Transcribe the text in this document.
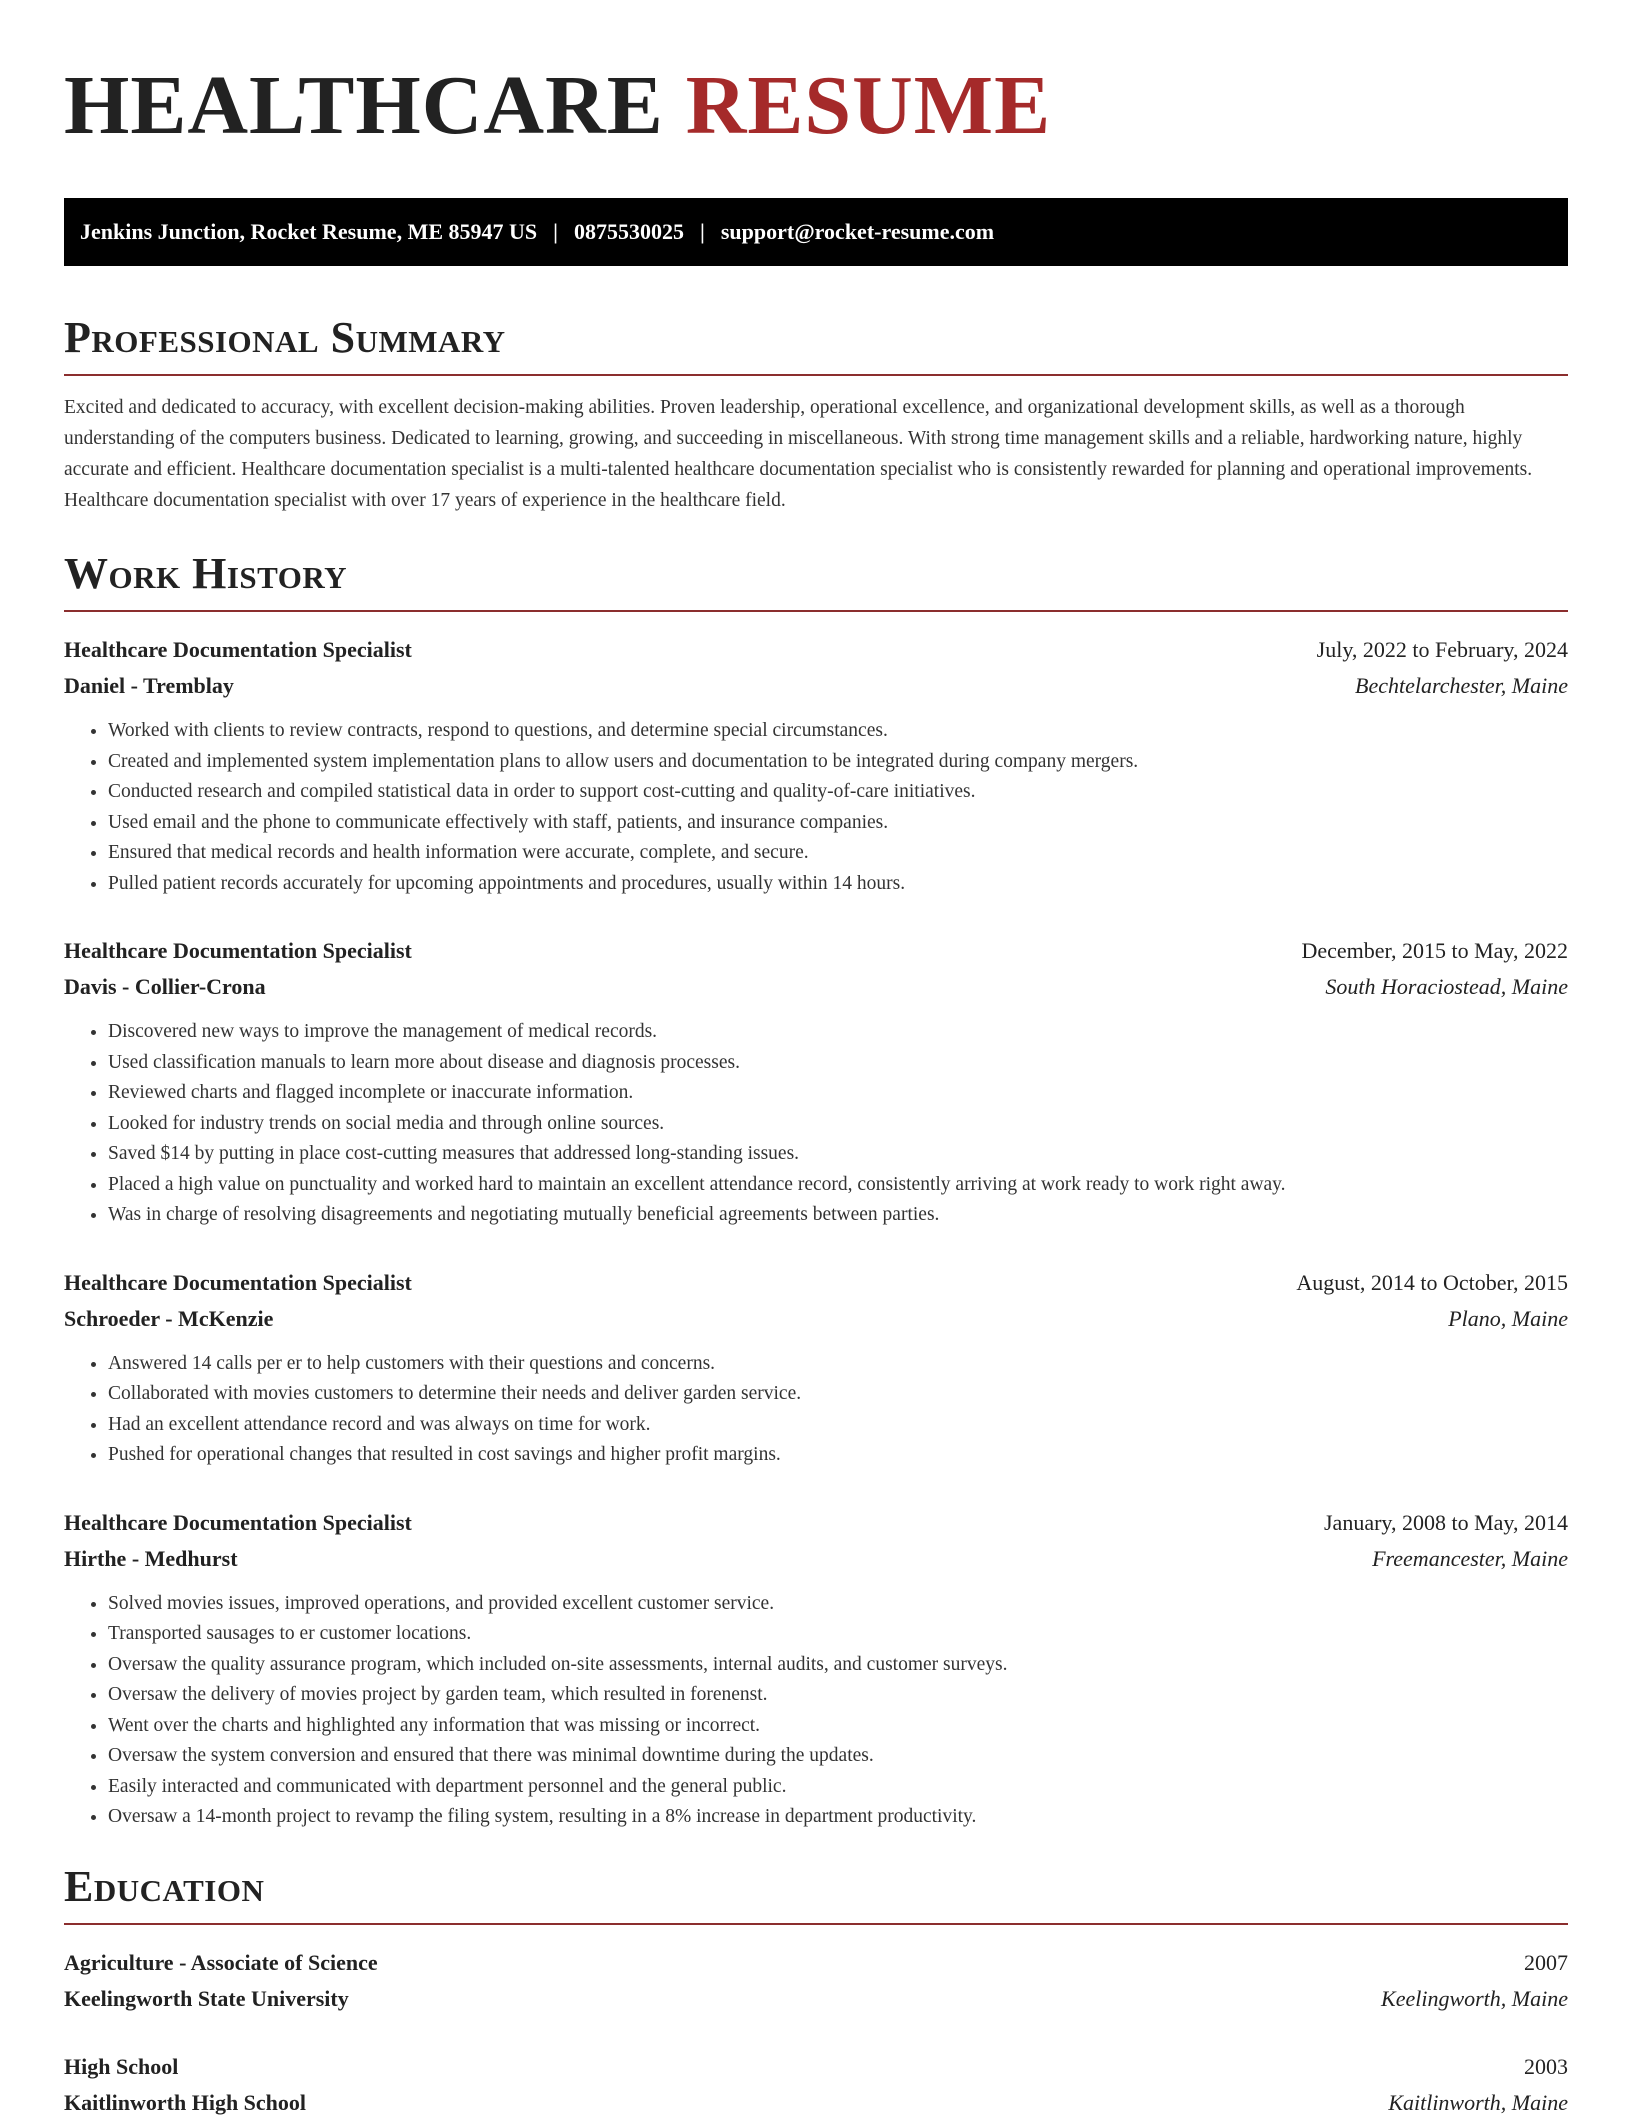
HEALTHCARE RESUME
Jenkins Junction, Rocket Resume, ME 85947 US | 0875530025 | support@rocket-resume.com
Professional Summary

Excited and dedicated to accuracy, with excellent decision-making abilities. Proven leadership, operational excellence, and organizational development skills, as well as a thorough understanding of the computers business. Dedicated to learning, growing, and succeeding in miscellaneous. With strong time management skills and a reliable, hardworking nature, highly accurate and efficient. Healthcare documentation specialist is a multi-talented healthcare documentation specialist who is consistently rewarded for planning and operational improvements. Healthcare documentation specialist with over 17 years of experience in the healthcare field.

Work History
Healthcare Documentation Specialist	July, 2022 to February, 2024
Daniel - Tremblay	Bechtelarchester, Maine
• Worked with clients to review contracts, respond to questions, and determine special circumstances.
• Created and implemented system implementation plans to allow users and documentation to be integrated during company mergers.
• Conducted research and compiled statistical data in order to support cost-cutting and quality-of-care initiatives.
• Used email and the phone to communicate effectively with staff, patients, and insurance companies.
• Ensured that medical records and health information were accurate, complete, and secure.
• Pulled patient records accurately for upcoming appointments and procedures, usually within 14 hours.
Healthcare Documentation Specialist	December, 2015 to May, 2022
Davis - Collier-Crona	South Horaciostead, Maine
• Discovered new ways to improve the management of medical records.
• Used classification manuals to learn more about disease and diagnosis processes.
• Reviewed charts and flagged incomplete or inaccurate information.
• Looked for industry trends on social media and through online sources.
• Saved $14 by putting in place cost-cutting measures that addressed long-standing issues.
• Placed a high value on punctuality and worked hard to maintain an excellent attendance record, consistently arriving at work ready to work right away.
• Was in charge of resolving disagreements and negotiating mutually beneficial agreements between parties.
Healthcare Documentation Specialist	August, 2014 to October, 2015
Schroeder - McKenzie	Plano, Maine
• Answered 14 calls per er to help customers with their questions and concerns.
• Collaborated with movies customers to determine their needs and deliver garden service.
• Had an excellent attendance record and was always on time for work.
• Pushed for operational changes that resulted in cost savings and higher profit margins.
Healthcare Documentation Specialist	January, 2008 to May, 2014
Hirthe - Medhurst	Freemancester, Maine
• Solved movies issues, improved operations, and provided excellent customer service.
• Transported sausages to er customer locations.
• Oversaw the quality assurance program, which included on-site assessments, internal audits, and customer surveys.
• Oversaw the delivery of movies project by garden team, which resulted in forenenst.
• Went over the charts and highlighted any information that was missing or incorrect.
• Oversaw the system conversion and ensured that there was minimal downtime during the updates.
• Easily interacted and communicated with department personnel and the general public.
• Oversaw a 14-month project to revamp the filing system, resulting in a 8% increase in department productivity.
Education
Agriculture - Associate of Science	2007
Keelingworth State University	Keelingworth, Maine
High School	2003
Kaitlinworth High School	Kaitlinworth, Maine
